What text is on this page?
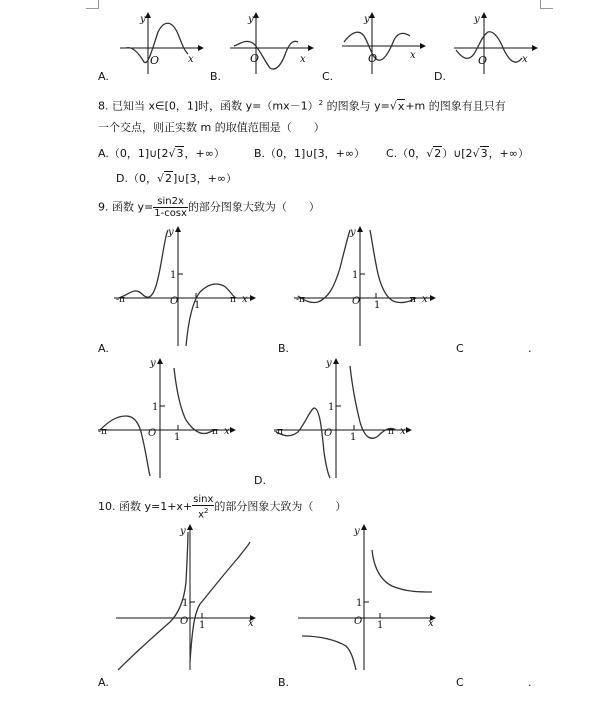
O
y
x	O
y
x	O
y
x	O
y
x
A.	B.	C.	D.
8. 已知当 x∈[0，1]时，函数 $y=(mx-1)^2$ 的图象与 y=√x+m 的图象有且只有
一个交点，则正实数 m 的取值范围是（　　）
A.（0，1]∪[2√3，+∞）	B.（0，1]∪[3，+∞） C.（0，√2）∪[2√3，+∞）
D.（0，√2]∪[3，+∞）
9. 函数 $y= \frac{\sin 2x}{1-\cos x}$ 的部分图象大致为（　　）
O
1
1
-π	π x
y
O
1
1
-π	π x
y
A.	B.	C	.
O
1
1
-π	π x
y
O
1
1
-π	π x
y
D.
10. 函数 $y=1+x+ \frac{\sin x}{x^2}$ 的部分图象大致为（　　）
O
1
1	x
y
O
1
1	x
y
A.	B.	C	.
